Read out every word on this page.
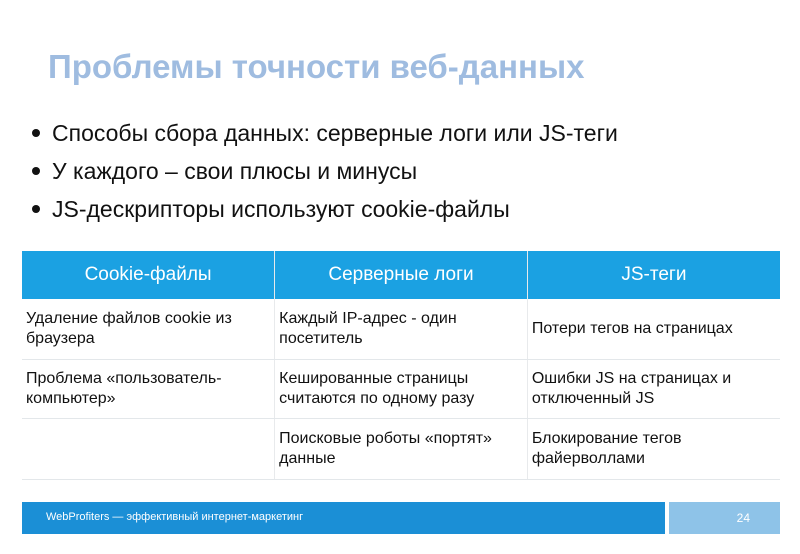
Проблемы точности веб-данных
Способы сбора данных: серверные логи или JS-теги
У каждого – свои плюсы и минусы
JS-дескрипторы используют cookie-файлы
Cookie-файлы	Серверные логи	JS-теги
Удаление файлов cookie из браузера	Каждый IP-адрес - один посетитель	Потери тегов на страницах
Проблема «пользователь-компьютер»	Кешированные страницы считаются по одному разу	Ошибки JS на страницах и отключенный JS
	Поисковые роботы «портят» данные	Блокирование тегов файерволлами
WebProfiters — эффективный интернет-маркетинг	24
